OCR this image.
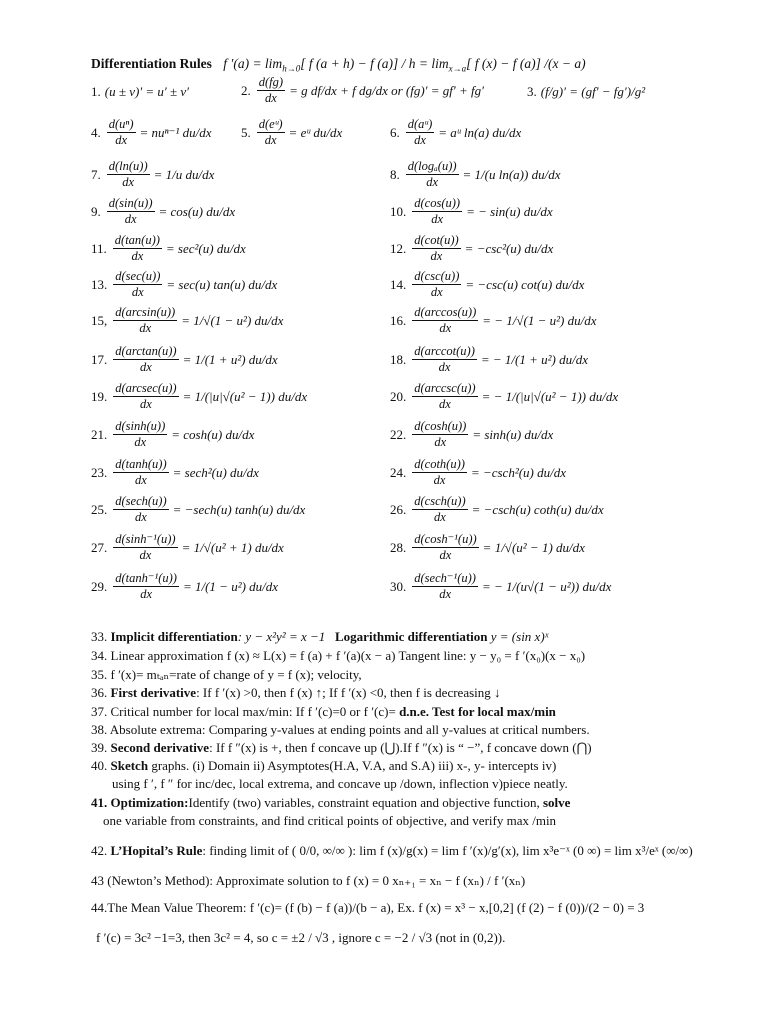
Differentiation Rules f $'(a) = \lim_{h\to 0}$[ f (a + h) − f $(a)] / h = \lim_{x\to a}$[ f (x) − f (a)] /(x − a)
1. (u ± v)′ = u′ ± v′	2. $\frac{d(fg)}{dx} = g$ df/dx + f dg/dx or (fg)′ = gf′ + fg′	3. (f/g)′ = (gf′ − fg′)/g²
4. $\frac{\text{d(uⁿ)}}{dx} = nu^{n-1}$ du/dx 5. $\frac{\text{d(eᵘ)}}{dx}$ = eᵘ du/dx	6. $\frac{\text{d(aᵘ)}}{dx}$ = aᵘ ln(a) du/dx
7. $\frac{d(\ln(u))}{dx} = 1/u$ du/dx	8. $\frac{\text{d(logₐ(u))}}{dx} = 1/(u$ ln(a)) du/dx
9. $\frac{d(\sin(u))}{dx} = \cos(u)$ du/dx	10. $\frac{d(\cos(u))}{dx}$ = − sin(u) du/dx
11. $\frac{d(\tan(u))}{dx} = \sec^2(u)$ du/dx	12. $\frac{d(\cot(u))}{dx} = -\csc^2(u)$ du/dx
13. $\frac{d(\sec(u))}{dx} = \sec(u)$ tan(u) du/dx	14. $\frac{d(\csc(u))}{dx} = -\csc(u)$ cot(u) du/dx
15, $\frac{d(\arcsin(u))}{dx} = 1/√(1 - u^2)$ du/dx	16. $\frac{d(\arccos(u))}{dx}$ = − 1/√(1 − u²) du/dx
17. $\frac{d(\arctan(u))}{dx} = 1/(1 + u^2)$ du/dx	18. $\frac{\text{d(arccot(u))}}{dx}$ = − 1/(1 + u²) du/dx
19. $\frac{\text{d(arcsec(u))}}{dx} = 1/(|u|√(u^2 - 1))$ du/dx	20. $\frac{\text{d(arccsc(u))}}{dx}$ = − 1/(|u|√(u² − 1)) du/dx
21. $\frac{d(\sinh(u))}{dx} = \cosh(u)$ du/dx	22. $\frac{d(\cosh(u))}{dx} = \sinh(u)$ du/dx
23. $\frac{d(\tanh(u))}{dx} = \sec h^2(u)$ du/dx	24. $\frac{d(\cot h(u))}{dx} = -\csc h^2(u)$ du/dx
25. $\frac{d(\sec h(u))}{dx} = -\sec h(u)$ tanh(u) du/dx	26. $\frac{d(\csc h(u))}{dx} = -\csc h(u)$ coth(u) du/dx
27. $\frac{\text{d(sinh⁻¹(u))}}{dx} = 1/√(u^2 + 1)$ du/dx	28. $\frac{\text{d(cosh⁻¹(u))}}{dx} = 1/√(u^2 - 1)$ du/dx
29. $\frac{\text{d(tanh⁻¹(u))}}{dx} = 1/(1 - u^2)$ du/dx	30. $\frac{\text{d(sech⁻¹(u))}}{dx}$ = − 1/(u√(1 − u²)) du/dx
33. Implicit differentiation: y − x²y² = x −1 Logarithmic differentiation y = (sin x)ˣ
34. Linear approximation f (x) ≈ L(x) = f (a) + f ′(a)(x − a) Tangent line: y − y₀ = f ′(x₀)(x − x₀)
35. f ′(x)= mₜₐₙ=rate of change of y = f (x); velocity,
36. First derivative: If f ′(x) >0, then f (x) ↑; If f ′(x) <0, then f is decreasing ↓
37. Critical number for local max/min: If f ′(c)=0 or f ′(c)= d.n.e. Test for local max/min
38. Absolute extrema: Comparing y-values at ending points and all y-values at critical numbers.
39. Second derivative: If f ″(x) is +, then f concave up (⋃).If f ″(x) is “ −”, f concave down (⋂)
40. Sketch graphs. (i) Domain ii) Asymptotes(H.A, V.A, and S.A) iii) x-, y- intercepts iv)
using f ′, f ″ for inc/dec, local extrema, and concave up /down, inflection v)piece neatly.
41. Optimization:Identify (two) variables, constraint equation and objective function, solve
one variable from constraints, and find critical points of objective, and verify max /min
42. L’Hopital’s Rule: finding limit of ( 0/0, ∞/∞ ): lim f (x)/g(x) = lim f ′(x)/g′(x), lim x³e⁻ˣ (0 ∞) = lim x³/eˣ (∞/∞)
43 (Newton’s Method): Approximate solution to f (x) = 0 xₙ₊₁ = xₙ − f (xₙ) / f ′(xₙ)
44.The Mean Value Theorem: f ′(c)= (f (b) − f (a))/(b − a), Ex. f (x) = x³ − x,[0,2] (f (2) − f (0))/(2 − 0) = 3
f ′(c) = 3c² −1=3, then 3c² = 4, so c = ±2 / √3 , ignore c = −2 / √3 (not in (0,2)).
